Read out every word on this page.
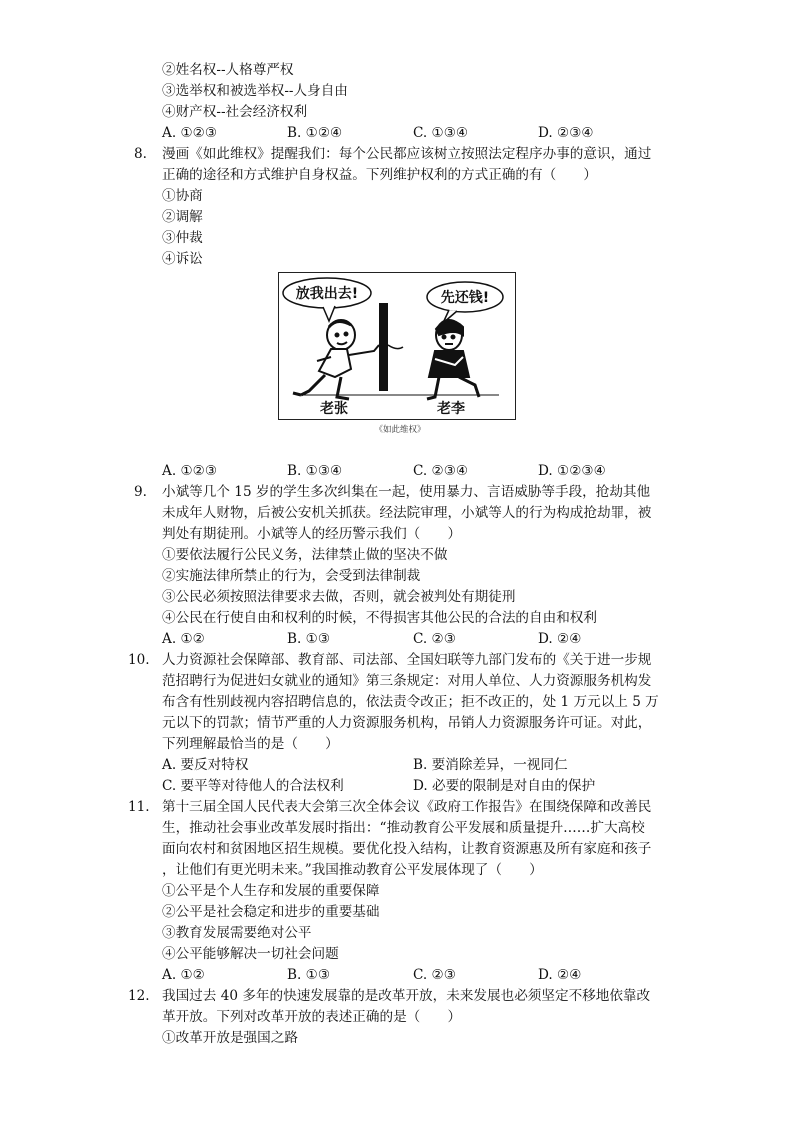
②姓名权--人格尊严权
③选举权和被选举权--人身自由
④财产权--社会经济权利
A. ①②③	B. ①②④	C. ①③④	D. ②③④
8. 漫画《如此维权》提醒我们：每个公民都应该树立按照法定程序办事的意识，通过
正确的途径和方式维护自身权益。下列维护权利的方式正确的有（　　）
①协商
②调解
③仲裁
④诉讼
放我出去!	先还钱!
老张	老李
《如此维权》
A. ①②③	B. ①③④	C. ②③④	D. ①②③④
9. 小斌等几个 15 岁的学生多次纠集在一起，使用暴力、言语威胁等手段，抢劫其他
未成年人财物，后被公安机关抓获。经法院审理，小斌等人的行为构成抢劫罪，被
判处有期徒刑。小斌等人的经历警示我们（　　）
①要依法履行公民义务，法律禁止做的坚决不做
②实施法律所禁止的行为，会受到法律制裁
③公民必须按照法律要求去做，否则，就会被判处有期徒刑
④公民在行使自由和权利的时候，不得损害其他公民的合法的自由和权利
A. ①②	B. ①③	C. ②③	D. ②④
10. 人力资源社会保障部、教育部、司法部、全国妇联等九部门发布的《关于进一步规
范招聘行为促进妇女就业的通知》第三条规定：对用人单位、人力资源服务机构发
布含有性别歧视内容招聘信息的，依法责令改正；拒不改正的，处 1 万元以上 5 万
元以下的罚款；情节严重的人力资源服务机构，吊销人力资源服务许可证。对此，
下列理解最恰当的是（　　）
A. 要反对特权	B. 要消除差异，一视同仁
C. 要平等对待他人的合法权利	D. 必要的限制是对自由的保护
11. 第十三届全国人民代表大会第三次全体会议《政府工作报告》在围绕保障和改善民
生，推动社会事业改革发展时指出：“推动教育公平发展和质量提升……扩大高校
面向农村和贫困地区招生规模。要优化投入结构，让教育资源惠及所有家庭和孩子
，让他们有更光明未来。”我国推动教育公平发展体现了（　　）
①公平是个人生存和发展的重要保障
②公平是社会稳定和进步的重要基础
③教育发展需要绝对公平
④公平能够解决一切社会问题
A. ①②	B. ①③	C. ②③	D. ②④
12. 我国过去 40 多年的快速发展靠的是改革开放，未来发展也必须坚定不移地依靠改
革开放。下列对改革开放的表述正确的是（　　）
①改革开放是强国之路
